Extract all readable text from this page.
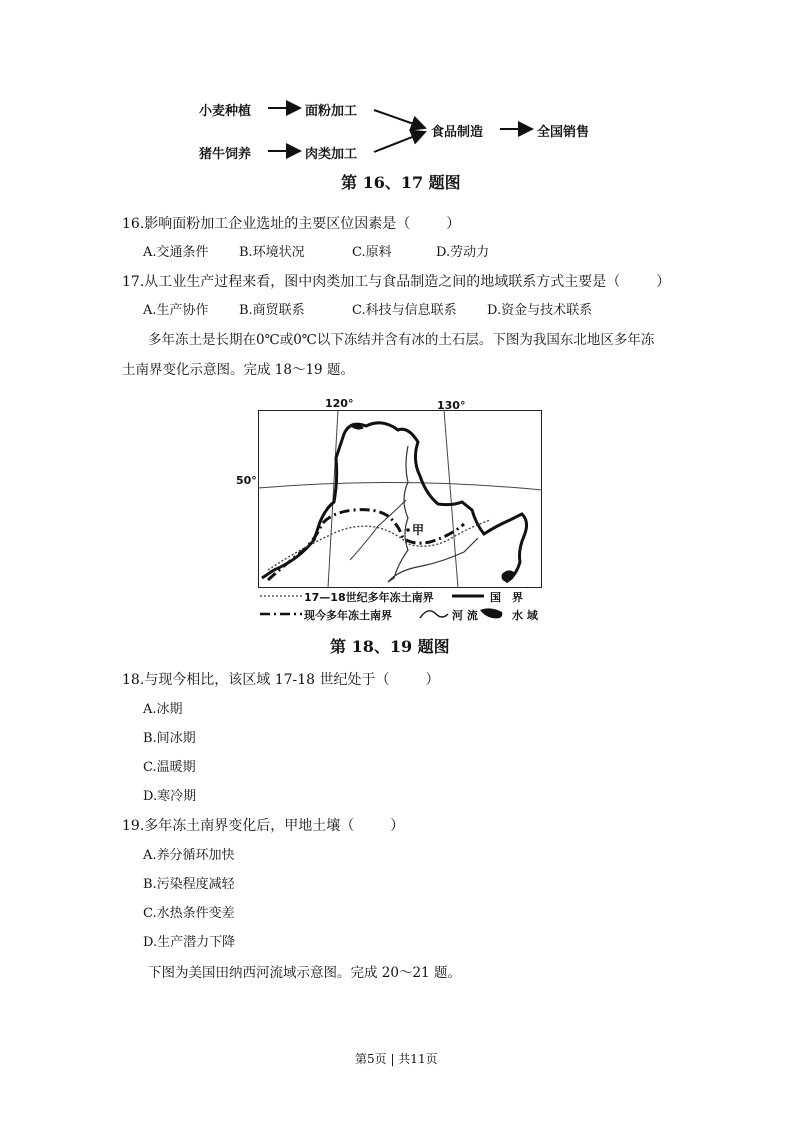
小麦种植	面粉加工
猪牛饲养	肉类加工
食品制造	全国销售
第 16、17 题图
16.影响面粉加工企业选址的主要区位因素是（	）
A.交通条件 B.环境状况	C.原料	D.劳动力
17.从工业生产过程来看，图中肉类加工与食品制造之间的地域联系方式主要是（	）
A.生产协作 B.商贸联系	C.科技与信息联系 D.资金与技术联系
多年冻土是长期在0℃或0℃以下冻结并含有冰的土石层。下图为我国东北地区多年冻
土南界变化示意图。完成 18～19 题。
120°	130°
50°
甲
17—18世纪多年冻土南界	国　界
现今多年冻土南界	河 流	水 域
第 18、19 题图
18.与现今相比，该区域 17-18 世纪处于（	）
A.冰期
B.间冰期
C.温暖期
D.寒冷期
19.多年冻土南界变化后，甲地土壤（	）
A.养分循环加快
B.污染程度减轻
C.水热条件变差
D.生产潜力下降
下图为美国田纳西河流域示意图。完成 20～21 题。
第5页 | 共11页
